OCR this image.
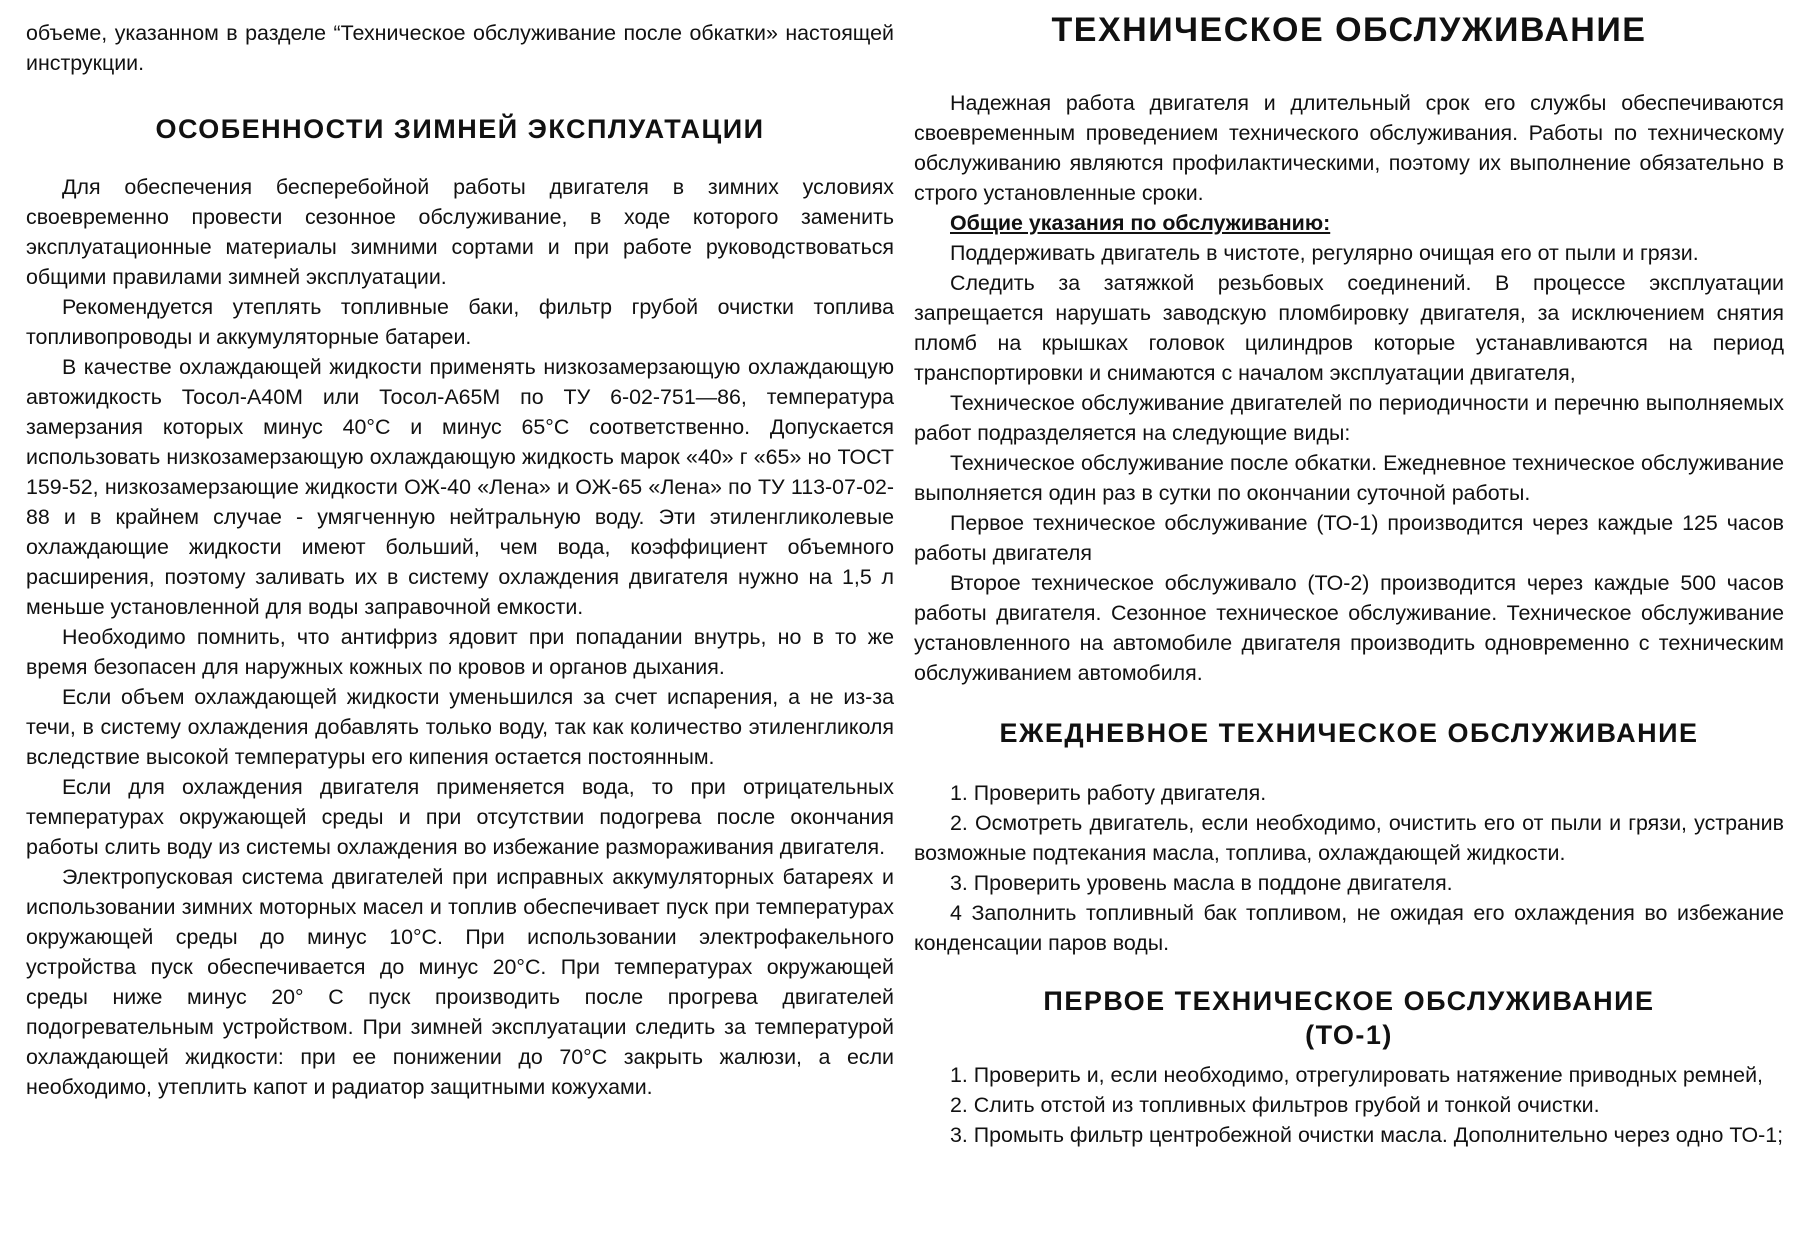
объеме, указанном в разделе “Техническое обслуживание после обкатки» настоящей инструкции.

ОСОБЕННОСТИ ЗИМНЕЙ ЭКСПЛУАТАЦИИ

Для обеспечения бесперебойной работы двигателя в зимних условиях своевременно провести сезонное обслуживание, в ходе которого заменить эксплуатационные материалы зимними сортами и при работе руководствоваться общими правилами зимней эксплуатации.

Рекомендуется утеплять топливные баки, фильтр грубой очистки топлива топливопроводы и аккумуляторные батареи.

В качестве охлаждающей жидкости применять низкозамерзающую охлаждающую автожидкость Тосол-А40М или Тосол-А65М по ТУ 6-02-751—86, температура замерзания которых минус 40°С и минус 65°С соответственно. Допускается использовать низкозамерзающую охлаждающую жидкость марок «40» г «65» но ТОСТ 159-52, низкозамерзающие жидкости ОЖ-40 «Лена» и ОЖ-65 «Лена» по ТУ 113-07-02-88 и в крайнем случае - умягченную нейтральную воду. Эти этиленгликолевые охлаждающие жидкости имеют больший, чем вода, коэффициент объемного расширения, поэтому заливать их в систему охлаждения двигателя нужно на 1,5 л меньше установленной для воды заправочной емкости.

Необходимо помнить, что антифриз ядовит при попадании внутрь, но в то же время безопасен для наружных кожных по кровов и органов дыхания.

Если объем охлаждающей жидкости уменьшился за счет испарения, а не из-за течи, в систему охлаждения добавлять только воду, так как количество этиленгликоля вследствие высокой температуры его кипения остается постоянным.

Если для охлаждения двигателя применяется вода, то при отрицательных температурах окружающей среды и при отсутствии подогрева после окончания работы слить воду из системы охлаждения во избежание размораживания двигателя.

Электропусковая система двигателей при исправных аккумуляторных батареях и использовании зимних моторных масел и топлив обеспечивает пуск при температурах окружающей среды до минус 10°С. При использовании электрофакельного устройства пуск обеспечивается до минус 20°С. При температурах окружающей среды ниже минус 20° С пуск производить после прогрева двигателей подогревательным устройством. При зимней эксплуатации следить за температурой охлаждающей жидкости: при ее понижении до 70°С закрыть жалюзи, а если необходимо, утеплить капот и радиатор защитными кожухами.

ТЕХНИЧЕСКОЕ ОБСЛУЖИВАНИЕ

Надежная работа двигателя и длительный срок его службы обеспечиваются своевременным проведением технического обслуживания. Работы по техническому обслуживанию являются профилактическими, поэтому их выполнение обязательно в строго установленные сроки.

Общие указания по обслуживанию:

Поддерживать двигатель в чистоте, регулярно очищая его от пыли и грязи.

Следить за затяжкой резьбовых соединений. В процессе эксплуатации запрещается нарушать заводскую пломбировку двигателя, за исключением снятия пломб на крышках головок цилиндров которые устанавливаются на период транспортировки и снимаются с началом эксплуатации двигателя,

Техническое обслуживание двигателей по периодичности и перечню выполняемых работ подразделяется на следующие виды:

Техническое обслуживание после обкатки. Ежедневное техническое обслуживание выполняется один раз в сутки по окончании суточной работы.

Первое техническое обслуживание (ТО-1) производится через каждые 125 часов работы двигателя

Второе техническое обслуживало (ТО-2) производится через каждые 500 часов работы двигателя. Сезонное техническое обслуживание. Техническое обслуживание установленного на автомобиле двигателя производить одновременно с техническим обслуживанием автомобиля.

ЕЖЕДНЕВНОЕ ТЕХНИЧЕСКОЕ ОБСЛУЖИВАНИЕ

1. Проверить работу двигателя.

2. Осмотреть двигатель, если необходимо, очистить его от пыли и грязи, устранив возможные подтекания масла, топлива, охлаждающей жидкости.

3. Проверить уровень масла в поддоне двигателя.

4 Заполнить топливный бак топливом, не ожидая его охлаждения во избежание конденсации паров воды.

ПЕРВОЕ ТЕХНИЧЕСКОЕ ОБСЛУЖИВАНИЕ
(ТО-1)

1. Проверить и, если необходимо, отрегулировать натяжение приводных ремней,

2. Слить отстой из топливных фильтров грубой и тонкой очистки.

3. Промыть фильтр центробежной очистки масла. Дополнительно через одно ТО-1;
